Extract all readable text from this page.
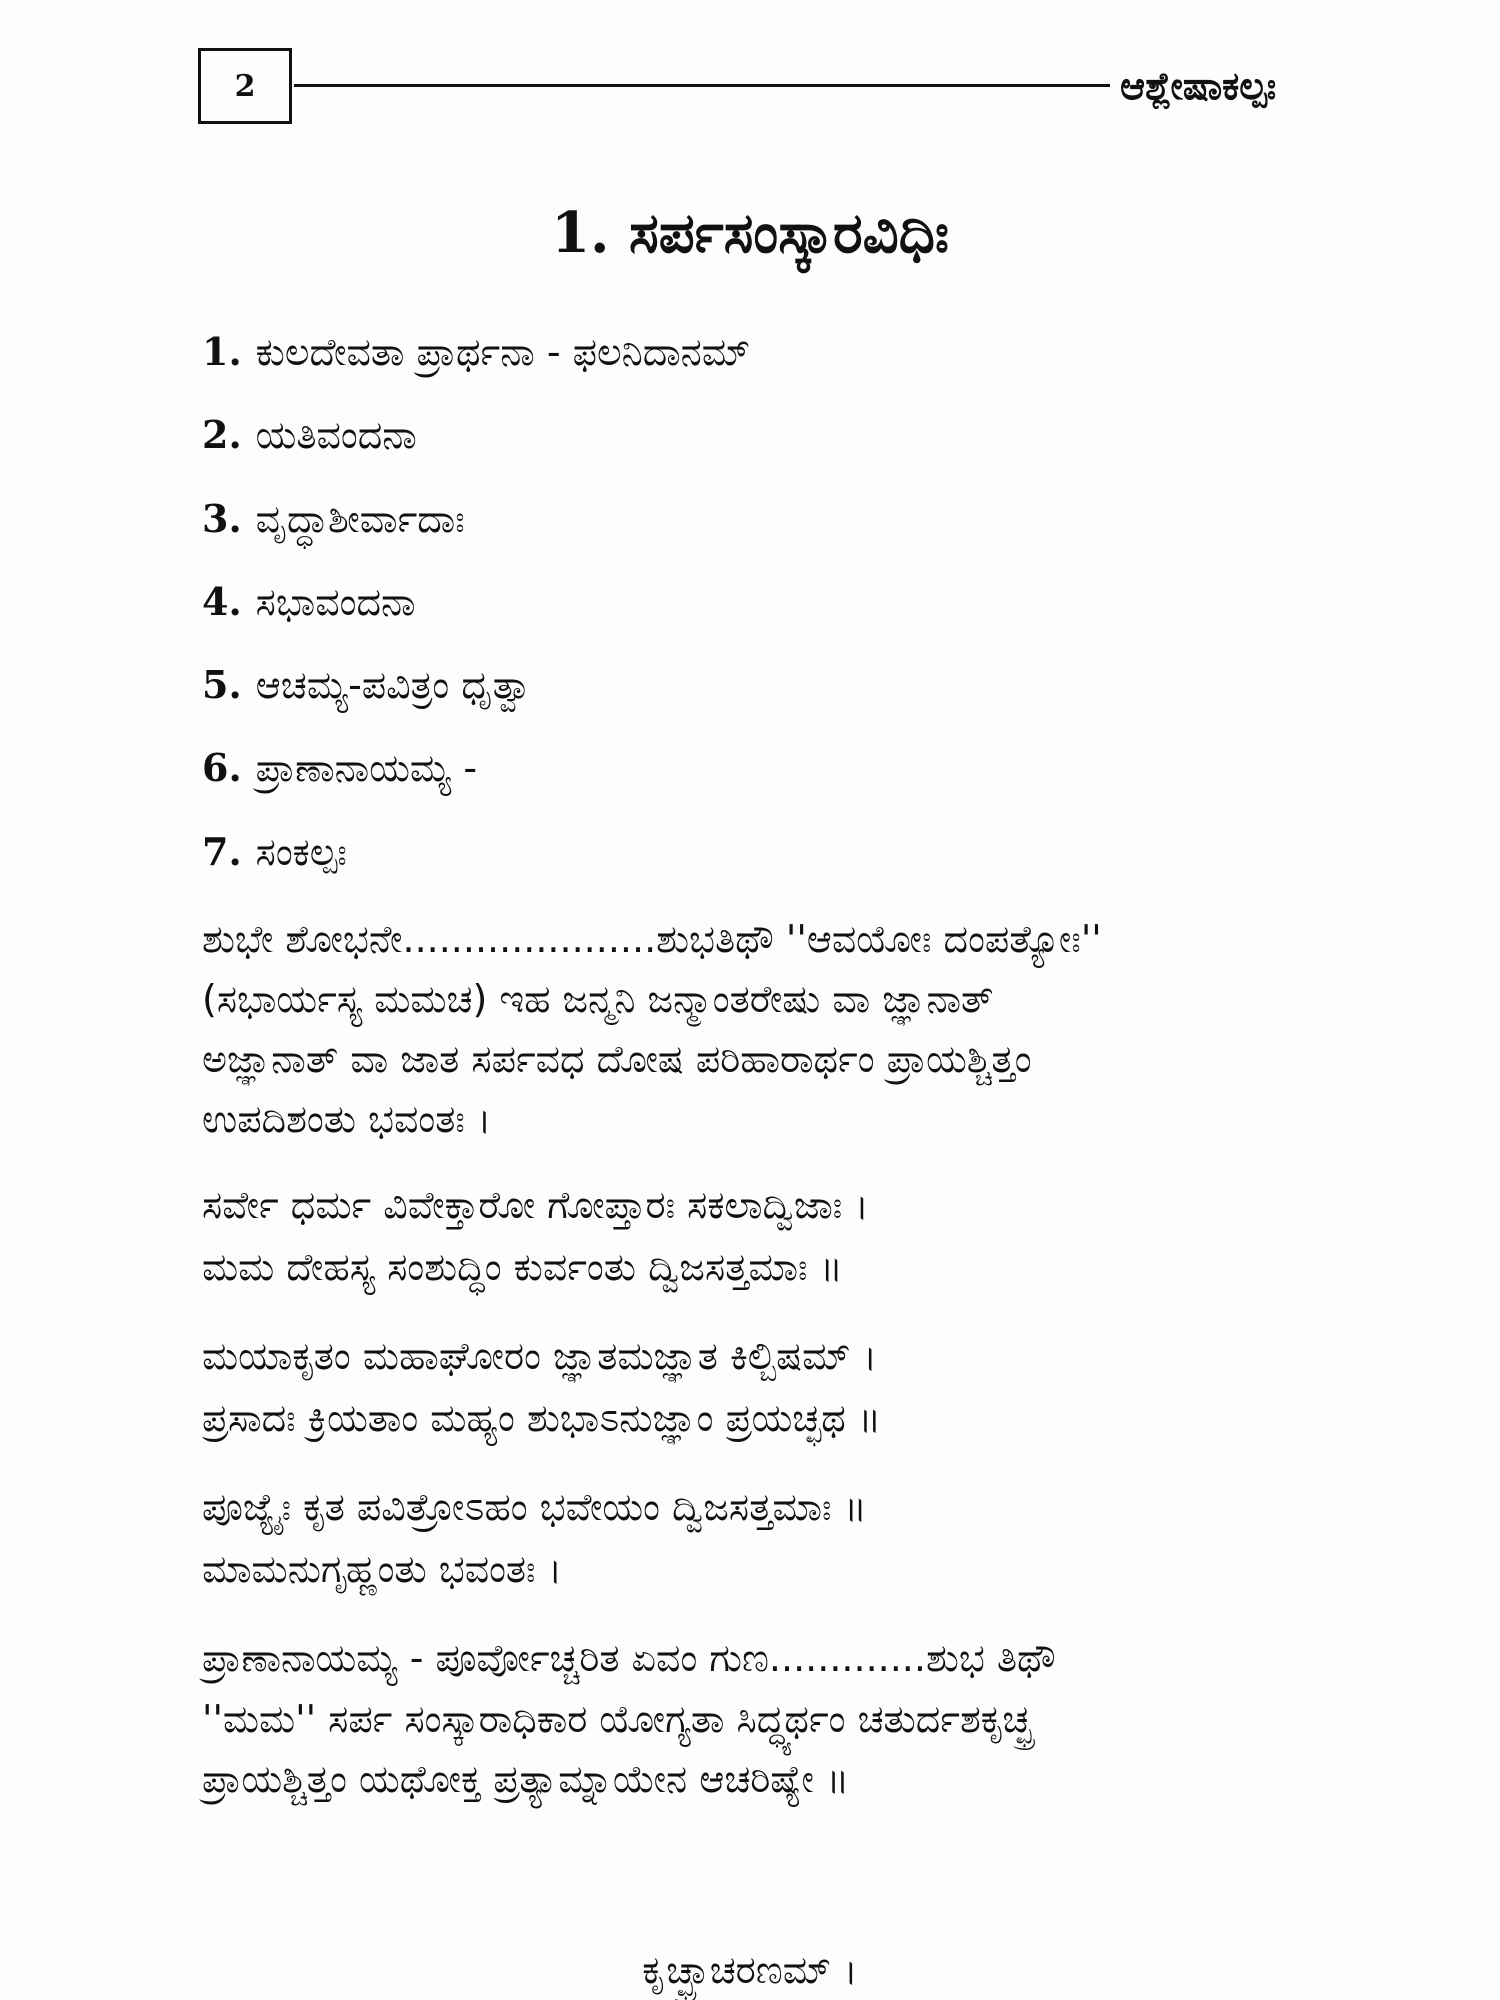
2	ಆಶ್ಲೇಷಾಕಲ್ಪಃ
1. ಸರ್ಪಸಂಸ್ಕಾರವಿಧಿಃ
1. ಕುಲದೇವತಾ ಪ್ರಾರ್ಥನಾ - ಫಲನಿದಾನಮ್
2. ಯತಿವಂದನಾ
3. ವೃದ್ಧಾಶೀರ್ವಾದಾಃ
4. ಸಭಾವಂದನಾ
5. ಆಚಮ್ಯ-ಪವಿತ್ರಂ ಧೃತ್ವಾ
6. ಪ್ರಾಣಾನಾಯಮ್ಯ -
7. ಸಂಕಲ್ಪಃ
ಶುಭೇ ಶೋಭನೇ.....................ಶುಭತಿಥೌ ''ಆವಯೋಃ ದಂಪತ್ಯೋಃ''
(ಸಭಾರ್ಯಸ್ಯ ಮಮಚ) ಇಹ ಜನ್ಮನಿ ಜನ್ಮಾಂತರೇಷು ವಾ ಜ್ಞಾನಾತ್
ಅಜ್ಞಾನಾತ್ ವಾ ಜಾತ ಸರ್ಪವಧ ದೋಷ ಪರಿಹಾರಾರ್ಥಂ ಪ್ರಾಯಶ್ಚಿತ್ತಂ
ಉಪದಿಶಂತು ಭವಂತಃ ।
ಸರ್ವೇ ಧರ್ಮ ವಿವೇಕ್ತಾರೋ ಗೋಪ್ತಾರಃ ಸಕಲಾದ್ವಿಜಾಃ ।
ಮಮ ದೇಹಸ್ಯ ಸಂಶುದ್ಧಿಂ ಕುರ್ವಂತು ದ್ವಿಜಸತ್ತಮಾಃ ॥
ಮಯಾಕೃತಂ ಮಹಾಘೋರಂ ಜ್ಞಾತಮಜ್ಞಾತ ಕಿಲ್ಬಿಷಮ್ ।
ಪ್ರಸಾದಃ ಕ್ರಿಯತಾಂ ಮಹ್ಯಂ ಶುಭಾಽನುಜ್ಞಾಂ ಪ್ರಯಚ್ಛಥ ॥
ಪೂಜ್ಯೈಃ ಕೃತ ಪವಿತ್ರೋಽಹಂ ಭವೇಯಂ ದ್ವಿಜಸತ್ತಮಾಃ ॥
ಮಾಮನುಗೃಹ್ಣಂತು ಭವಂತಃ ।
ಪ್ರಾಣಾನಾಯಮ್ಯ - ಪೂರ್ವೋಚ್ಚರಿತ ಏವಂ ಗುಣ.............ಶುಭ ತಿಥೌ
''ಮಮ'' ಸರ್ಪ ಸಂಸ್ಕಾರಾಧಿಕಾರ ಯೋಗ್ಯತಾ ಸಿದ್ಧ್ಯರ್ಥಂ ಚತುರ್ದಶಕೃಚ್ಛ್ರ
ಪ್ರಾಯಶ್ಚಿತ್ತಂ ಯಥೋಕ್ತ ಪ್ರತ್ಯಾಮ್ನಾಯೇನ ಆಚರಿಷ್ಯೇ ॥
ಕೃಚ್ಛ್ರಾಚರಣಮ್ ।
